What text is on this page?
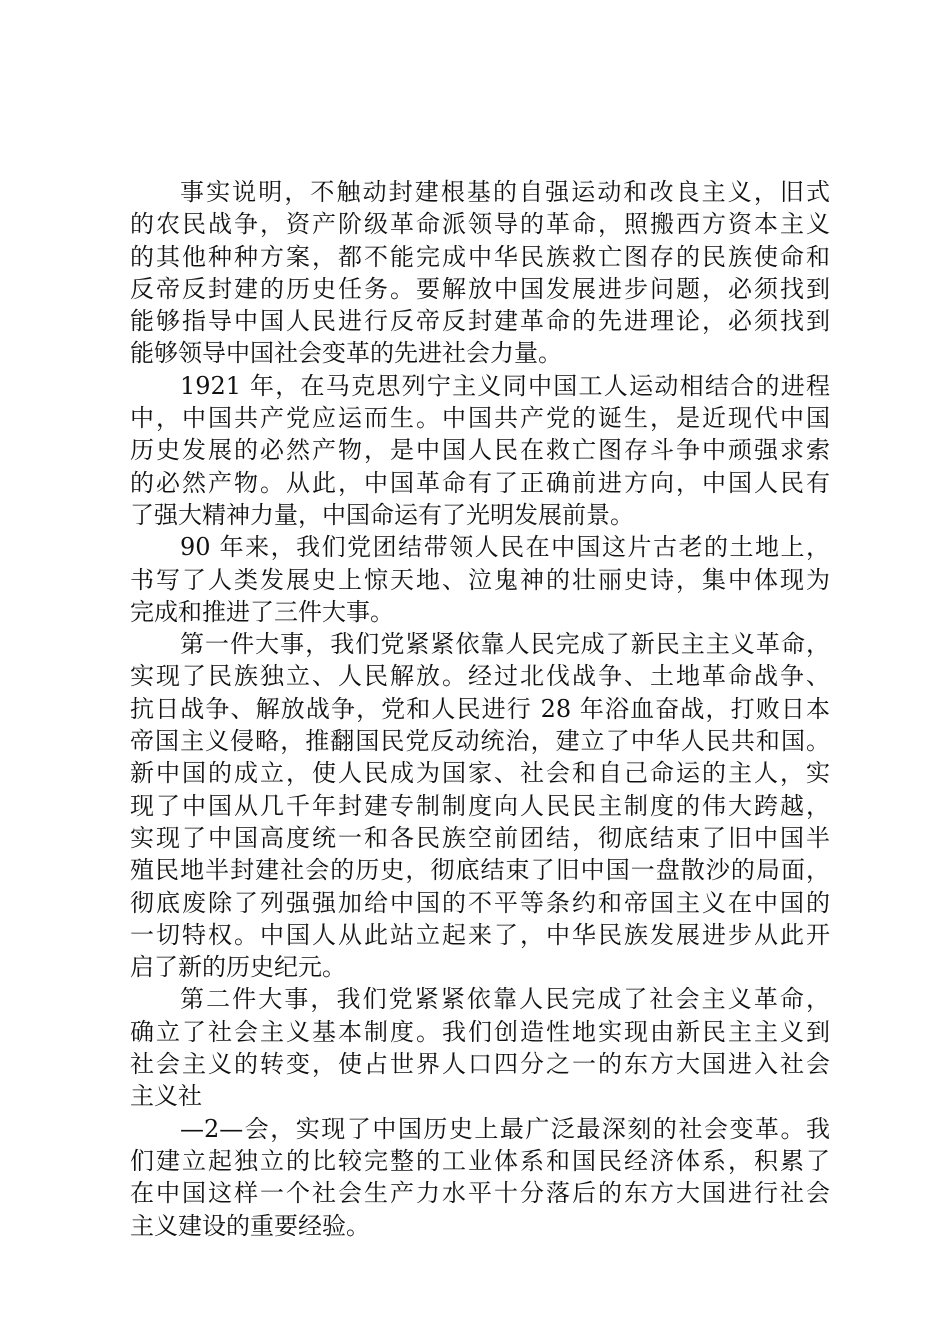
事实说明，不触动封建根基的自强运动和改良主义，旧式
的农民战争，资产阶级革命派领导的革命，照搬西方资本主义
的其他种种方案，都不能完成中华民族救亡图存的民族使命和
反帝反封建的历史任务。要解放中国发展进步问题，必须找到
能够指导中国人民进行反帝反封建革命的先进理论，必须找到
能够领导中国社会变革的先进社会力量。
1921 年，在马克思列宁主义同中国工人运动相结合的进程
中，中国共产党应运而生。中国共产党的诞生，是近现代中国
历史发展的必然产物，是中国人民在救亡图存斗争中顽强求索
的必然产物。从此，中国革命有了正确前进方向，中国人民有
了强大精神力量，中国命运有了光明发展前景。
90 年来，我们党团结带领人民在中国这片古老的土地上，
书写了人类发展史上惊天地、泣鬼神的壮丽史诗，集中体现为
完成和推进了三件大事。
第一件大事，我们党紧紧依靠人民完成了新民主主义革命，
实现了民族独立、人民解放。经过北伐战争、土地革命战争、
抗日战争、解放战争，党和人民进行 28 年浴血奋战，打败日本
帝国主义侵略，推翻国民党反动统治，建立了中华人民共和国。
新中国的成立，使人民成为国家、社会和自己命运的主人，实
现了中国从几千年封建专制制度向人民民主制度的伟大跨越，
实现了中国高度统一和各民族空前团结，彻底结束了旧中国半
殖民地半封建社会的历史，彻底结束了旧中国一盘散沙的局面，
彻底废除了列强强加给中国的不平等条约和帝国主义在中国的
一切特权。中国人从此站立起来了，中华民族发展进步从此开
启了新的历史纪元。
第二件大事，我们党紧紧依靠人民完成了社会主义革命，
确立了社会主义基本制度。我们创造性地实现由新民主主义到
社会主义的转变，使占世界人口四分之一的东方大国进入社会
主义社
—2—会，实现了中国历史上最广泛最深刻的社会变革。我
们建立起独立的比较完整的工业体系和国民经济体系，积累了
在中国这样一个社会生产力水平十分落后的东方大国进行社会
主义建设的重要经验。
